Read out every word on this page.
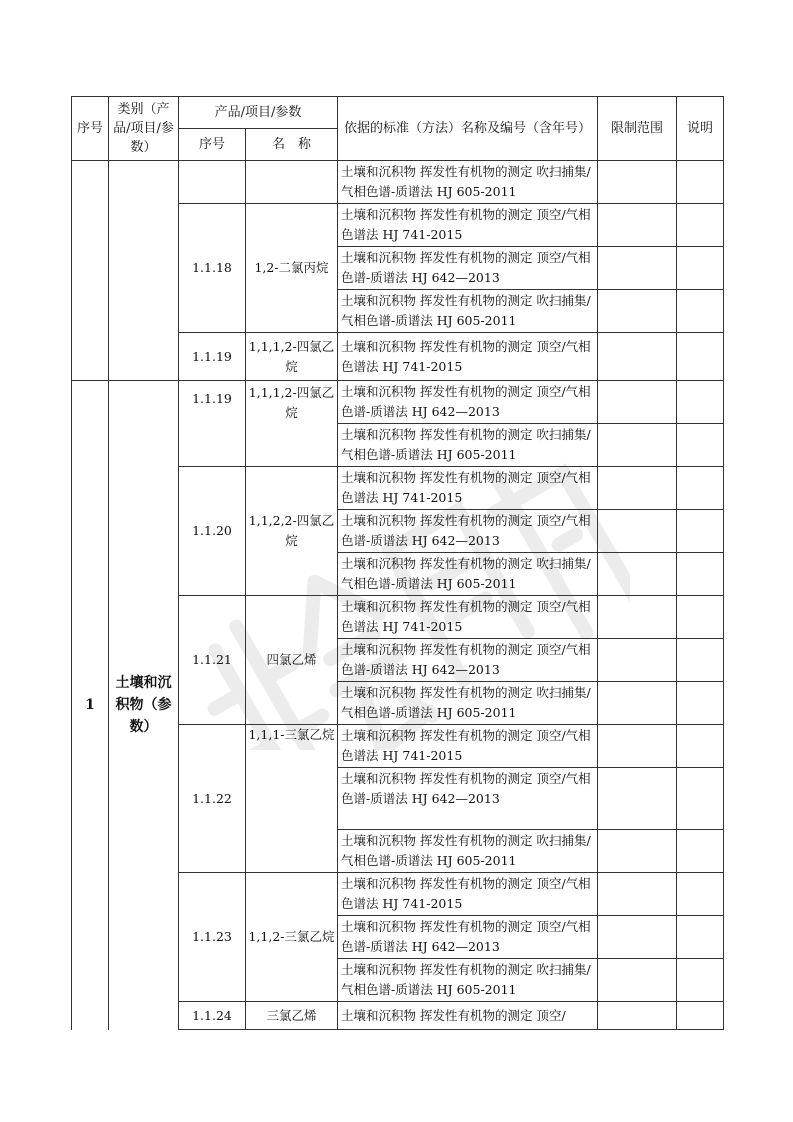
序号	类别（产品/项目/参数）	产品/项目/参数		依据的标准（方法）名称及编号（含年号）	限制范围	说明
		序号	名　称			
				土壤和沉积物 挥发性有机物的测定 吹扫捕集/气相色谱-质谱法 HJ 605-2011		
		1.1.18	1,2-二氯丙烷	土壤和沉积物 挥发性有机物的测定 顶空/气相色谱法 HJ 741-2015		
				土壤和沉积物 挥发性有机物的测定 顶空/气相色谱-质谱法 HJ 642—2013		
				土壤和沉积物 挥发性有机物的测定 吹扫捕集/气相色谱-质谱法 HJ 605-2011		
		1.1.19	1,1,1,2-四氯乙烷	土壤和沉积物 挥发性有机物的测定 顶空/气相色谱法 HJ 741-2015		
1	土壤和沉积物（参数）	1.1.19	1,1,1,2-四氯乙烷	土壤和沉积物 挥发性有机物的测定 顶空/气相色谱-质谱法 HJ 642—2013		
				土壤和沉积物 挥发性有机物的测定 吹扫捕集/气相色谱-质谱法 HJ 605-2011		
		1.1.20	1,1,2,2-四氯乙烷	土壤和沉积物 挥发性有机物的测定 顶空/气相色谱法 HJ 741-2015		
				土壤和沉积物 挥发性有机物的测定 顶空/气相色谱-质谱法 HJ 642—2013		
				土壤和沉积物 挥发性有机物的测定 吹扫捕集/气相色谱-质谱法 HJ 605-2011		
		1.1.21	四氯乙烯	土壤和沉积物 挥发性有机物的测定 顶空/气相色谱法 HJ 741-2015		
				土壤和沉积物 挥发性有机物的测定 顶空/气相色谱-质谱法 HJ 642—2013		
				土壤和沉积物 挥发性有机物的测定 吹扫捕集/气相色谱-质谱法 HJ 605-2011		
		1.1.22	1,1,1-三氯乙烷	土壤和沉积物 挥发性有机物的测定 顶空/气相色谱法 HJ 741-2015		
				土壤和沉积物 挥发性有机物的测定 顶空/气相色谱-质谱法 HJ 642—2013		
				土壤和沉积物 挥发性有机物的测定 吹扫捕集/气相色谱-质谱法 HJ 605-2011		
		1.1.23	1,1,2-三氯乙烷	土壤和沉积物 挥发性有机物的测定 顶空/气相色谱法 HJ 741-2015		
				土壤和沉积物 挥发性有机物的测定 顶空/气相色谱-质谱法 HJ 642—2013		
				土壤和沉积物 挥发性有机物的测定 吹扫捕集/气相色谱-质谱法 HJ 605-2011		
		1.1.24	三氯乙烯	土壤和沉积物 挥发性有机物的测定 顶空/		
